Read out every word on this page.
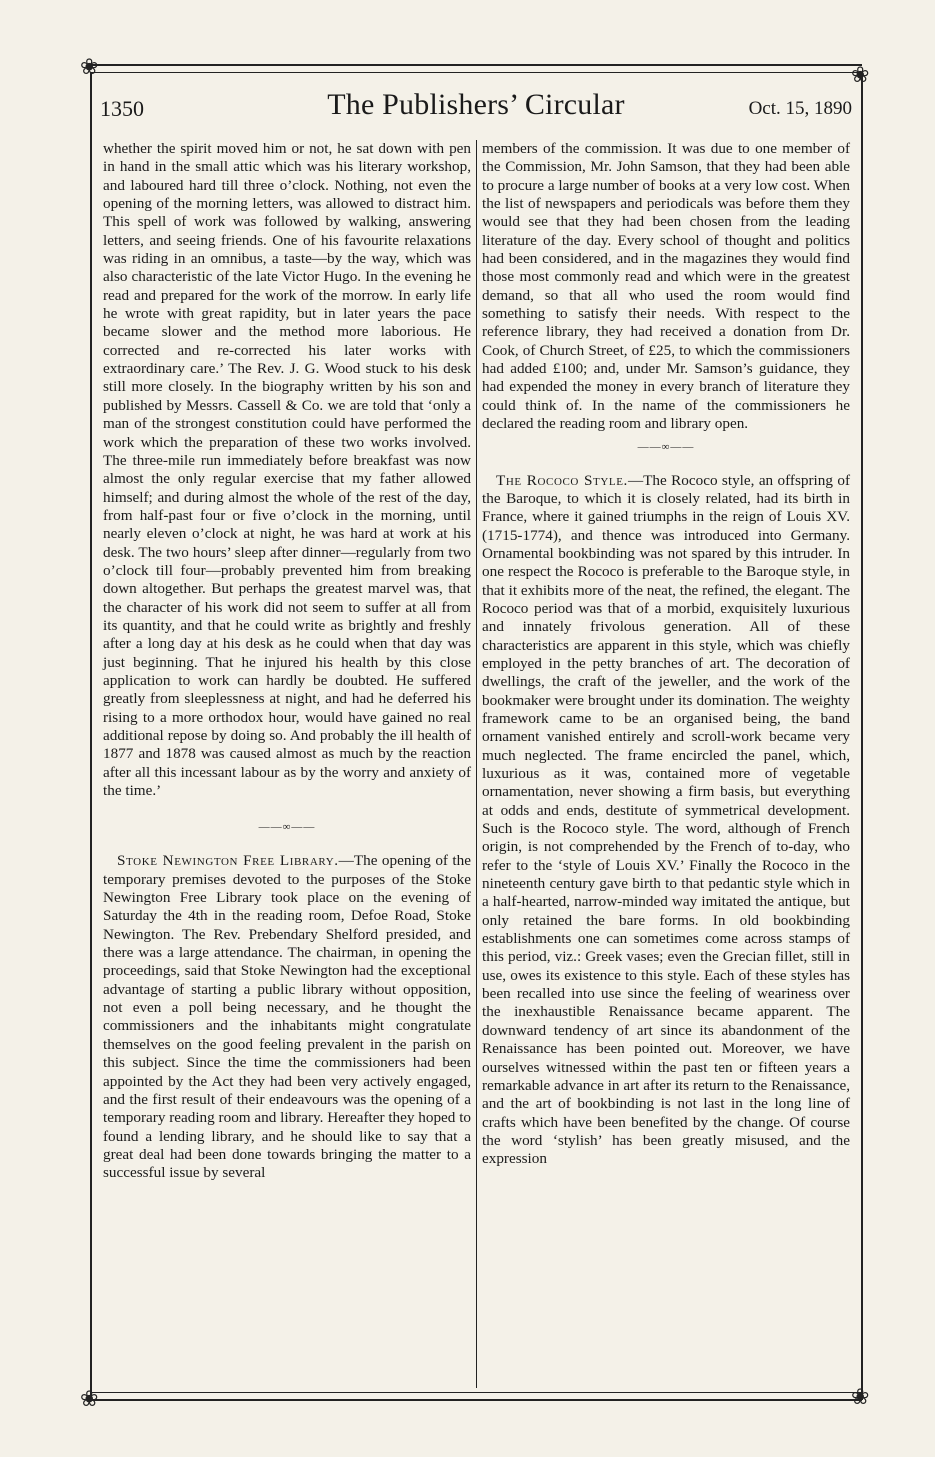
❀	❀
❀	❀
1350	The Publishers’ Circular	Oct. 15, 1890

whether the spirit moved him or not, he sat down with pen in hand in the small attic which was his literary workshop, and laboured hard till three o’clock. Nothing, not even the opening of the morning letters, was allowed to distract him. This spell of work was followed by walking, answering letters, and seeing friends. One of his favourite relaxations was riding in an omnibus, a taste—by the way, which was also characteristic of the late Victor Hugo. In the evening he read and prepared for the work of the morrow. In early life he wrote with great rapidity, but in later years the pace became slower and the method more laborious. He corrected and re-corrected his later works with extraordinary care.’ The Rev. J. G. Wood stuck to his desk still more closely. In the biography written by his son and published by Messrs. Cassell & Co. we are told that ‘only a man of the strongest constitution could have performed the work which the preparation of these two works involved. The three-mile run immediately before breakfast was now almost the only regular exercise that my father allowed himself; and during almost the whole of the rest of the day, from half-past four or five o’clock in the morning, until nearly eleven o’clock at night, he was hard at work at his desk. The two hours’ sleep after dinner—regularly from two o’clock till four—probably prevented him from breaking down altogether. But perhaps the greatest marvel was, that the character of his work did not seem to suffer at all from its quantity, and that he could write as brightly and freshly after a long day at his desk as he could when that day was just beginning. That he injured his health by this close application to work can hardly be doubted. He suffered greatly from sleeplessness at night, and had he deferred his rising to a more orthodox hour, would have gained no real additional repose by doing so. And probably the ill health of 1877 and 1878 was caused almost as much by the reaction after all this incessant labour as by the worry and anxiety of the time.’

——∞——

Stoke Newington Free Library.—The opening of the temporary premises devoted to the purposes of the Stoke Newington Free Library took place on the evening of Saturday the 4th in the reading room, Defoe Road, Stoke Newington. The Rev. Prebendary Shelford presided, and there was a large attendance. The chairman, in opening the proceedings, said that Stoke Newington had the exceptional advantage of starting a public library without opposition, not even a poll being necessary, and he thought the commissioners and the inhabitants might congratulate themselves on the good feeling prevalent in the parish on this subject. Since the time the commissioners had been appointed by the Act they had been very actively engaged, and the first result of their endeavours was the opening of a temporary reading room and library. Hereafter they hoped to found a lending library, and he should like to say that a great deal had been done towards bringing the matter to a successful issue by several

members of the commission. It was due to one member of the Commission, Mr. John Samson, that they had been able to procure a large number of books at a very low cost. When the list of newspapers and periodicals was before them they would see that they had been chosen from the leading literature of the day. Every school of thought and politics had been considered, and in the magazines they would find those most commonly read and which were in the greatest demand, so that all who used the room would find something to satisfy their needs. With respect to the reference library, they had received a donation from Dr. Cook, of Church Street, of £25, to which the commissioners had added £100; and, under Mr. Samson’s guidance, they had expended the money in every branch of literature they could think of. In the name of the commissioners he declared the reading room and library open.

——∞——

The Rococo Style.—The Rococo style, an offspring of the Baroque, to which it is closely related, had its birth in France, where it gained triumphs in the reign of Louis XV. (1715-1774), and thence was introduced into Germany. Ornamental bookbinding was not spared by this intruder. In one respect the Rococo is preferable to the Baroque style, in that it exhibits more of the neat, the refined, the elegant. The Rococo period was that of a morbid, exquisitely luxurious and innately frivolous generation. All of these characteristics are apparent in this style, which was chiefly employed in the petty branches of art. The decoration of dwellings, the craft of the jeweller, and the work of the bookmaker were brought under its domination. The weighty framework came to be an organised being, the band ornament vanished entirely and scroll-work became very much neglected. The frame encircled the panel, which, luxurious as it was, contained more of vegetable ornamentation, never showing a firm basis, but everything at odds and ends, destitute of symmetrical development. Such is the Rococo style. The word, although of French origin, is not comprehended by the French of to-day, who refer to the ‘style of Louis XV.’ Finally the Rococo in the nineteenth century gave birth to that pedantic style which in a half-hearted, narrow-minded way imitated the antique, but only retained the bare forms. In old bookbinding establishments one can sometimes come across stamps of this period, viz.: Greek vases; even the Grecian fillet, still in use, owes its existence to this style. Each of these styles has been recalled into use since the feeling of weariness over the inexhaustible Renaissance became apparent. The downward tendency of art since its abandonment of the Renaissance has been pointed out. Moreover, we have ourselves witnessed within the past ten or fifteen years a remarkable advance in art after its return to the Renaissance, and the art of bookbinding is not last in the long line of crafts which have been benefited by the change. Of course the word ‘stylish’ has been greatly misused, and the expression
